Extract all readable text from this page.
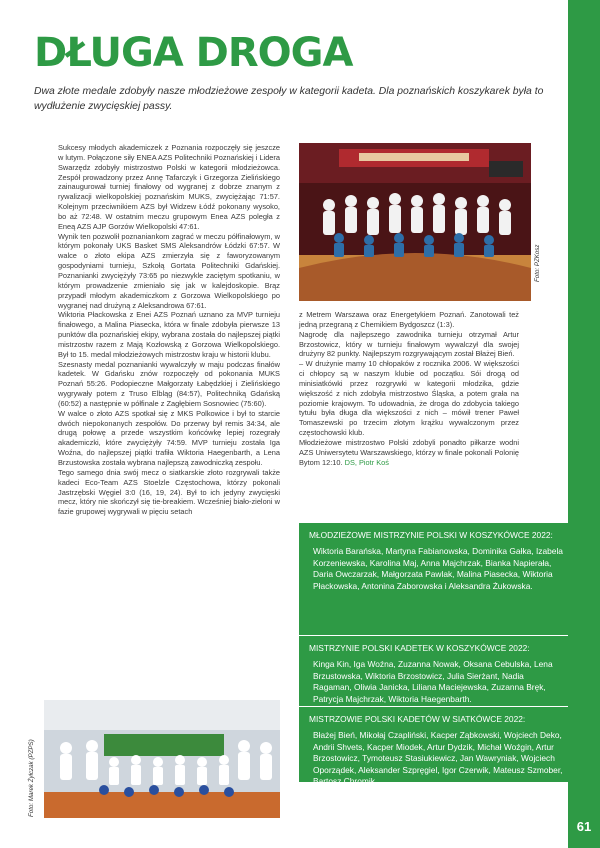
61
DŁUGA DROGA

Dwa złote medale zdobyły nasze młodzieżowe zespoły w kategorii kadeta. Dla poznańskich koszykarek była to wydłużenie zwycięskiej passy.

Sukcesy młodych akademiczek z Poznania rozpoczęły się jeszcze w lutym. Połączone siły ENEA AZS Politechniki Poznańskiej i Lidera Swarzędz zdobyły mistrzostwo Polski w kategorii młodzieżowca. Zespół prowadzony przez Annę Tafarczyk i Grzegorza Zielińskiego zainaugurował turniej finałowy od wygranej z dobrze znanym z rywalizacji wielkopolskiej poznańskim MUKS, zwyciężając 71:57. Kolejnym przeciwnikiem AZS był Widzew Łódź pokonany wysoko, bo aż 72:48. W ostatnim meczu grupowym Enea AZS poległa z Eneą AZS AJP Gorzów Wielkopolski 47:61.

Wynik ten pozwolił poznaniankom zagrać w meczu półfinałowym, w którym pokonały UKS Basket SMS Aleksandrów Łódzki 67:57. W walce o złoto ekipa AZS zmierzyła się z faworyzowanym gospodyniami turnieju, Szkołą Gortata Politechniki Gdańskiej. Poznanianki zwyciężyły 73:65 po niezwykle zaciętym spotkaniu, w którym prowadzenie zmieniało się jak w kalejdoskopie. Brąz przypadł młodym akademiczkom z Gorzowa Wielkopolskiego po wygranej nad drużyną z Aleksandrowa 67:61.

Wiktoria Płackowska z Enei AZS Poznań uznano za MVP turnieju finałowego, a Malina Piasecka, która w finale zdobyła pierwsze 13 punktów dla poznańskiej ekipy, wybrana została do najlepszej piątki mistrzostw razem z Mają Kozłowską z Gorzowa Wielkopolskiego. Był to 15. medal młodzieżowych mistrzostw kraju w historii klubu.

Szesnasty medal poznanianki wywalczyły w maju podczas finałów kadetek. W Gdańsku znów rozpoczęły od pokonania MUKS Poznań 55:26. Podopieczne Małgorzaty Łabędzkiej i Zielińskiego wygrywały potem z Truso Elbląg (84:57), Politechniką Gdańską (60:52) a następnie w półfinale z Zagłębiem Sosnowiec (75:60).

W walce o złoto AZS spotkał się z MKS Polkowice i był to starcie dwóch niepokonanych zespołów. Do przerwy był remis 34:34, ale drugą połowę a przede wszystkim końcówkę lepiej rozegrały akademiczki, które zwyciężyły 74:59. MVP turnieju została Iga Woźna, do najlepszej piątki trafiła Wiktoria Haegenbarth, a Lena Brzustowska została wybrana najlepszą zawodniczką zespołu.

Tego samego dnia swój mecz o siatkarskie złoto rozgrywali także kadeci Eco-Team AZS Stoelzle Częstochowa, którzy pokonali Jastrzębski Węgiel 3:0 (16, 19, 24). Był to ich jedyny zwycięski mecz, który nie skończył się tie-breakiem. Wcześniej biało-zieloni w fazie grupowej wygrywali w pięciu setach

Foto: PZKosz

z Metrem Warszawa oraz Energetykiem Poznań. Zanotowali też jedną przegraną z Chemikiem Bydgoszcz (1:3).

Nagrodę dla najlepszego zawodnika turnieju otrzymał Artur Brzostowicz, który w turnieju finałowym wywalczył dla swojej drużyny 82 punkty. Najlepszym rozgrywającym został Błażej Bień.

– W drużynie mamy 10 chłopaków z rocznika 2006. W większości ci chłopcy są w naszym klubie od początku. Sói drogą od minisiatkówki przez rozgrywki w kategorii młodzika, gdzie większość z nich zdobyła mistrzostwo Śląska, a potem grała na poziomie krajowym. To udowadnia, że droga do zdobycia takiego tytułu była długa dla większości z nich – mówił trener Paweł Tomaszewski po trzecim złotym krążku wywalczonym przez częstochowski klub.

Młodzieżowe mistrzostwo Polski zdobyli ponadto piłkarze wodni AZS Uniwersytetu Warszawskiego, którzy w finale pokonali Polonię Bytom 12:10. DS, Piotr Koś

MŁODZIEŻOWE MISTRZYNIE POLSKI W KOSZYKÓWCE 2022:

Wiktoria Barańska, Martyna Fabianowska, Dominika Gałka, Izabela Korzeniewska, Karolina Maj, Anna Majchrzak, Bianka Napierała, Daria Owczarzak, Małgorzata Pawlak, Malina Piasecka, Wiktoria Płackowska, Antonina Zaborowska i Aleksandra Żukowska.

MISTRZYNIE POLSKI KADETEK W KOSZYKÓWCE 2022:

Kinga Kin, Iga Woźna, Zuzanna Nowak, Oksana Cebulska, Lena Brzustowska, Wiktoria Brzostowicz, Julia Sierżant, Nadia Ragaman, Oliwia Janicka, Liliana Maciejewska, Zuzanna Bręk, Patrycja Majchrzak, Wiktoria Haegenbarth.

MISTRZOWIE POLSKI KADETÓW W SIATKÓWCE 2022:

Błażej Bień, Mikołaj Czapliński, Kacper Ząbkowski, Wojciech Deko, Andrii Shvets, Kacper Miodek, Artur Dydzik, Michał Woźgin, Artur Brzostowicz, Tymoteusz Stasiukiewicz, Jan Wawryniak, Wojciech Oporządek, Aleksander Szpręgiel, Igor Czerwik, Mateusz Szmober, Bartosz Chromik.

Foto: Marek Żyłczak (PZPS)
